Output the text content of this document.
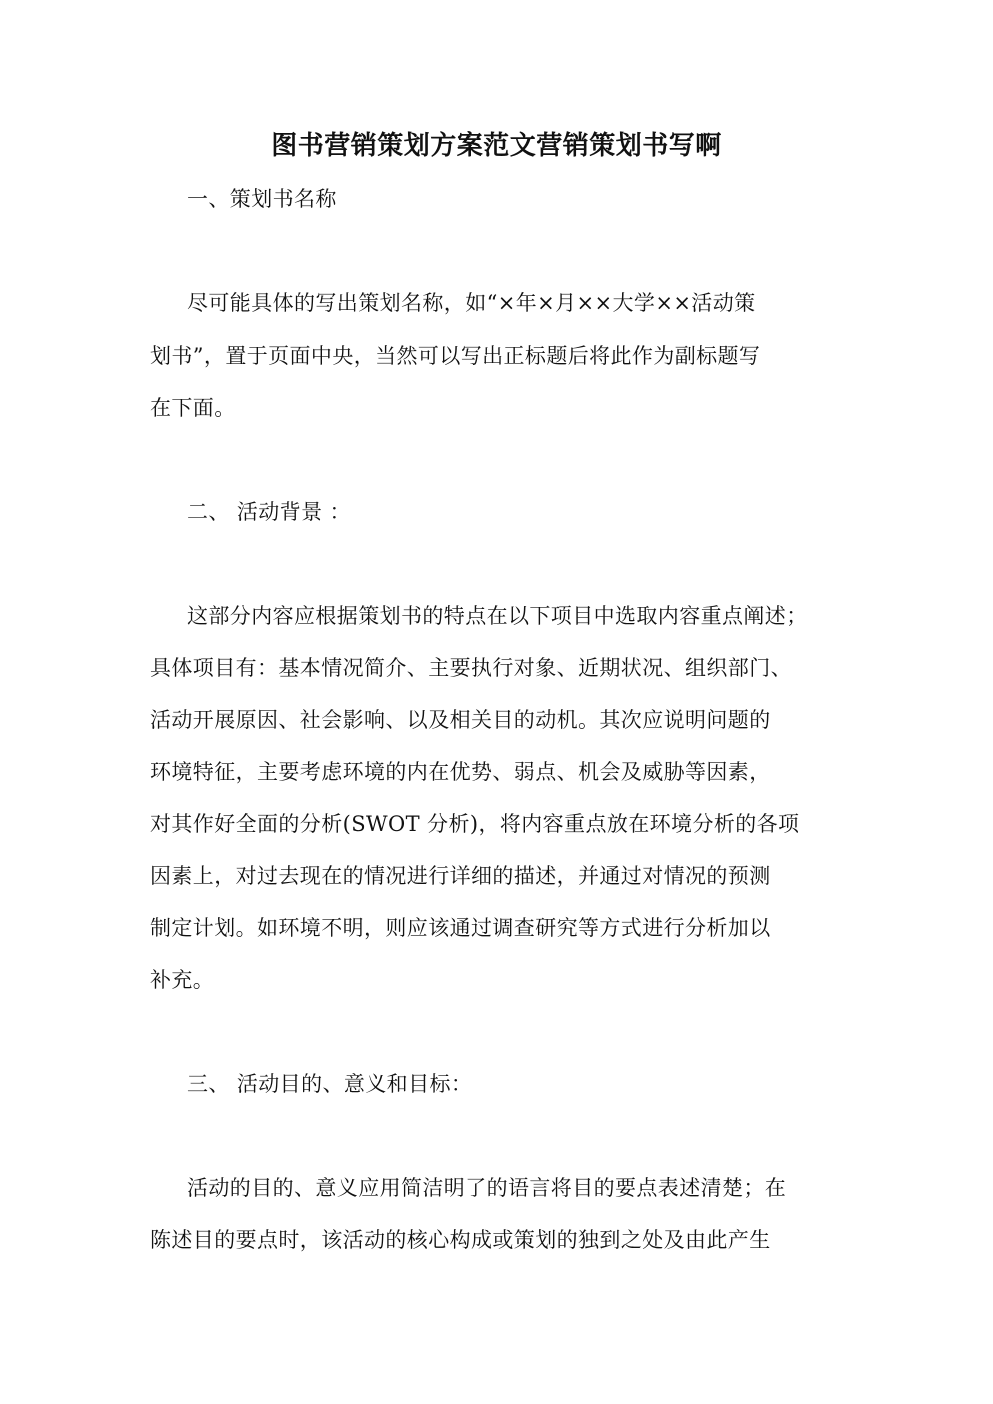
图书营销策划方案范文营销策划书写啊
一、策划书名称
尽可能具体的写出策划名称，如“×年×月××大学××活动策
划书”，置于页面中央，当然可以写出正标题后将此作为副标题写
在下面。
二、 活动背景 ：
这部分内容应根据策划书的特点在以下项目中选取内容重点阐述；
具体项目有：基本情况简介、主要执行对象、近期状况、组织部门、
活动开展原因、社会影响、以及相关目的动机。其次应说明问题的
环境特征，主要考虑环境的内在优势、弱点、机会及威胁等因素，
对其作好全面的分析(SWOT 分析)，将内容重点放在环境分析的各项
因素上，对过去现在的情况进行详细的描述，并通过对情况的预测
制定计划。如环境不明，则应该通过调查研究等方式进行分析加以
补充。
三、 活动目的、意义和目标：
活动的目的、意义应用简洁明了的语言将目的要点表述清楚；在
陈述目的要点时，该活动的核心构成或策划的独到之处及由此产生
